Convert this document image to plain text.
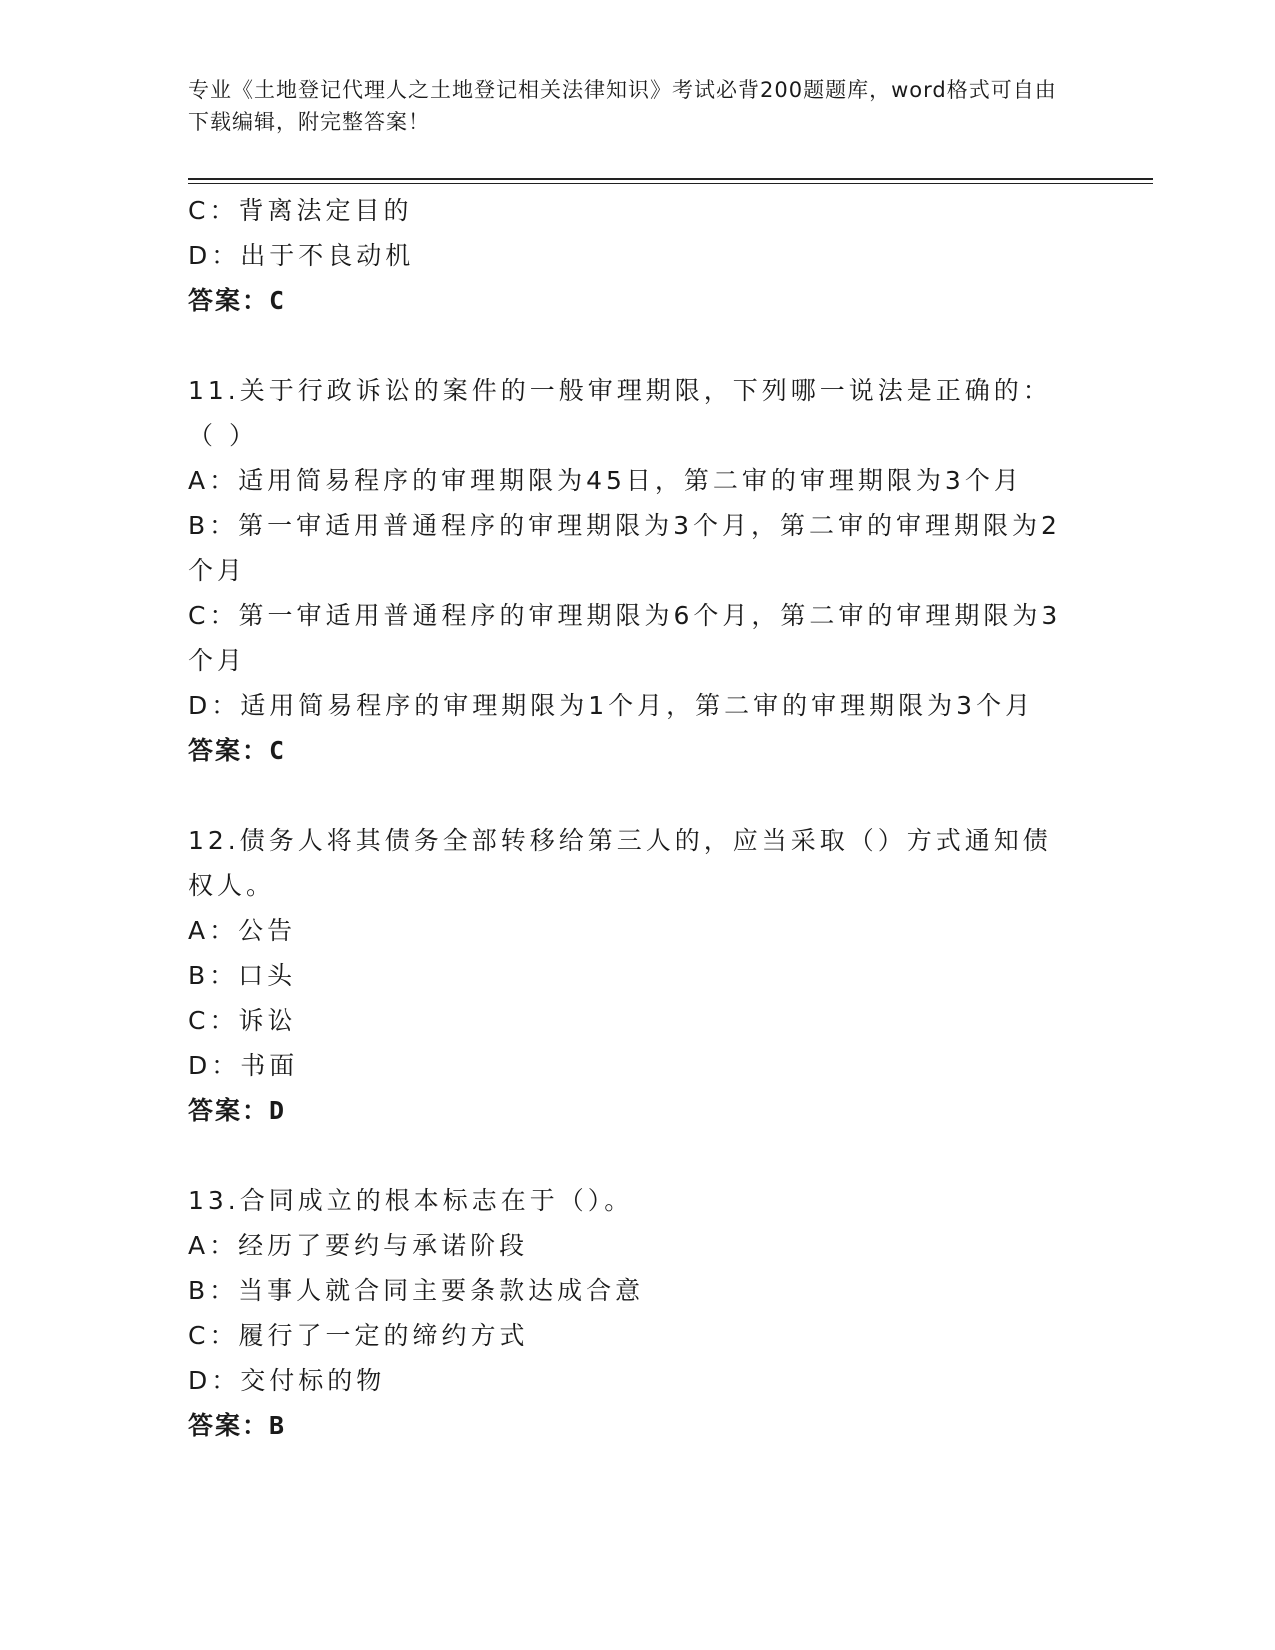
专业《土地登记代理人之土地登记相关法律知识》考试必背200题题库，word格式可自由下载编辑，附完整答案！

C：背离法定目的

D：出于不良动机

答案：C

11.关于行政诉讼的案件的一般审理期限，下列哪一说法是正确的：（ ）

A：适用简易程序的审理期限为45日，第二审的审理期限为3个月

B：第一审适用普通程序的审理期限为3个月，第二审的审理期限为2个月

C：第一审适用普通程序的审理期限为6个月，第二审的审理期限为3个月

D：适用简易程序的审理期限为1个月，第二审的审理期限为3个月

答案：C

12.债务人将其债务全部转移给第三人的，应当采取（）方式通知债权人。

A：公告

B：口头

C：诉讼

D：书面

答案：D

13.合同成立的根本标志在于（）。

A：经历了要约与承诺阶段

B：当事人就合同主要条款达成合意

C：履行了一定的缔约方式

D：交付标的物

答案：B
